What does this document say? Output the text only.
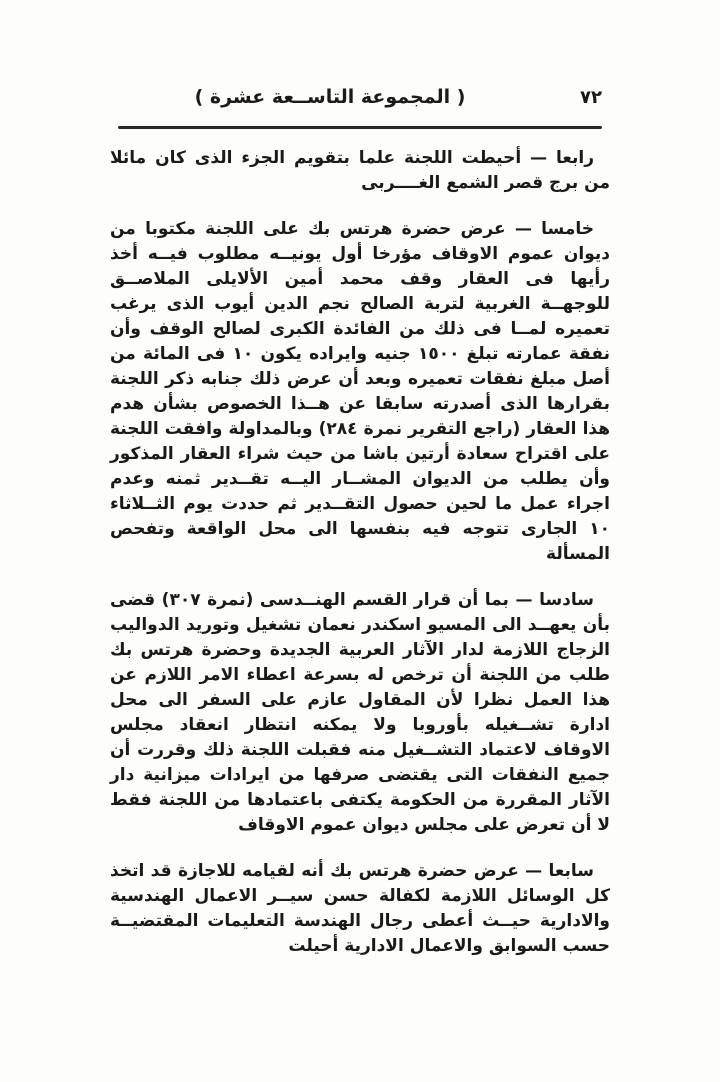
( المجموعة التاســعة عشرة )	٧٢

رابعا — أحيطت اللجنة علما بتقويم الجزء الذى كان مائلا من برج قصر الشمع الغــــربى

خامسا — عرض حضرة هرتس بك على اللجنة مكتوبا من ديوان عموم الاوقاف مؤرخا أول يونيــه مطلوب فيــه أخذ رأيها فى العقار وقف محمد أمين الألايلى الملاصــق للوجهــة الغربية لتربة الصالح نجم الدين أيوب الذى يرغب تعميره لمــا فى ذلك من الفائدة الكبرى لصالح الوقف وأن نفقة عمارته تبلغ ١٥٠٠ جنيه وايراده يكون ١٠ فى المائة من أصل مبلغ نفقات تعميره وبعد أن عرض ذلك جنابه ذكر اللجنة بقرارها الذى أصدرته سابقا عن هــذا الخصوص بشأن هدم هذا العقار (راجع التقرير نمرة ٢٨٤) وبالمداولة وافقت اللجنة على اقتراح سعادة أرتين باشا من حيث شراء العقار المذكور وأن يطلب من الديوان المشــار اليــه تقــدير ثمنه وعدم اجراء عمل ما لحين حصول التقــدير ثم حددت يوم الثــلاثاء ١٠ الجارى تتوجه فيه بنفسها الى محل الواقعة وتفحص المسألة

سادسا — بما أن قرار القسم الهنــدسى (نمرة ٣٠٧) قضى بأن يعهــد الى المسيو اسكندر نعمان تشغيل وتوريد الدواليب الزجاج اللازمة لدار الآثار العربية الجديدة وحضرة هرتس بك طلب من اللجنة أن ترخص له بسرعة اعطاء الامر اللازم عن هذا العمل نظرا لأن المقاول عازم على السفر الى محل ادارة تشــغيله بأوروبا ولا يمكنه انتظار انعقاد مجلس الاوقاف لاعتماد التشــغيل منه فقبلت اللجنة ذلك وقررت أن جميع النفقات التى يقتضى صرفها من ايرادات ميزانية دار الآثار المقررة من الحكومة يكتفى باعتمادها من اللجنة فقط لا أن تعرض على مجلس ديوان عموم الاوقاف

سابعا — عرض حضرة هرتس بك أنه لقيامه للاجازة قد اتخذ كل الوسائل اللازمة لكفالة حسن سيــر الاعمال الهندسية والادارية حيــث أعطى رجال الهندسة التعليمات المقتضيــة حسب السوابق والاعمال الادارية أحيلت
